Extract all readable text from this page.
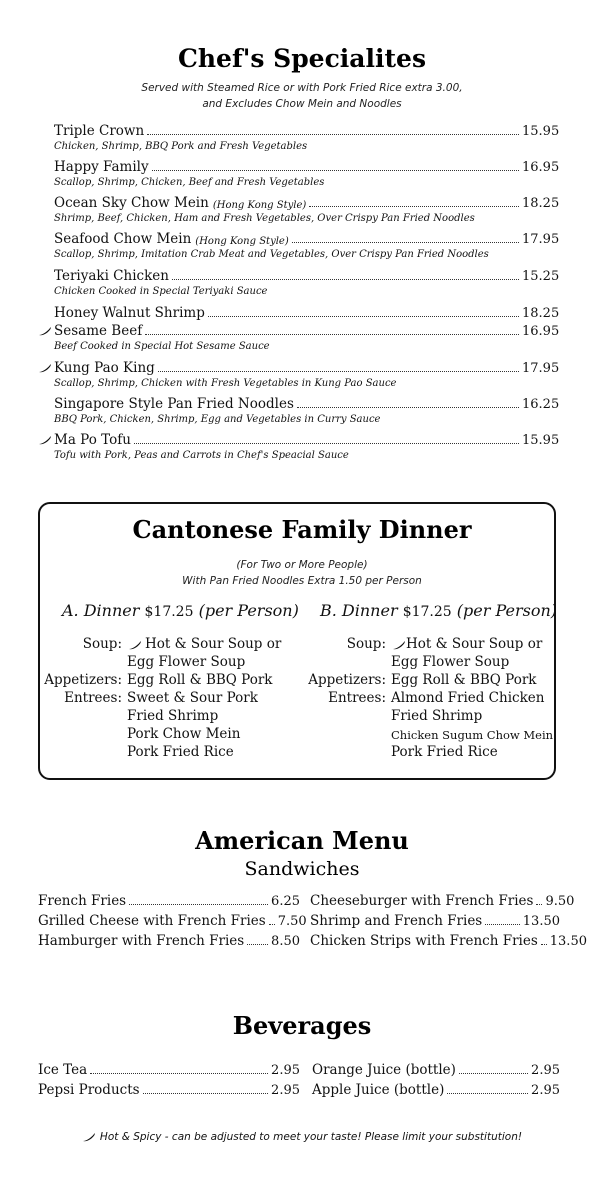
Chef's Specialites
Served with Steamed Rice or with Pork Fried Rice extra 3.00,
and Excludes Chow Mein and Noodles
Triple Crown	15.95
Chicken, Shrimp, BBQ Pork and Fresh Vegetables
Happy Family	16.95
Scallop, Shrimp, Chicken, Beef and Fresh Vegetables
Ocean Sky Chow Mein (Hong Kong Style)	18.25
Shrimp, Beef, Chicken, Ham and Fresh Vegetables, Over Crispy Pan Fried Noodles
Seafood Chow Mein (Hong Kong Style)	17.95
Scallop, Shrimp, Imitation Crab Meat and Vegetables, Over Crispy Pan Fried Noodles
Teriyaki Chicken	15.25
Chicken Cooked in Special Teriyaki Sauce
Honey Walnut Shrimp	18.25
Sesame Beef	16.95
Beef Cooked in Special Hot Sesame Sauce
Kung Pao King	17.95
Scallop, Shrimp, Chicken with Fresh Vegetables in Kung Pao Sauce
Singapore Style Pan Fried Noodles	16.25
BBQ Pork, Chicken, Shrimp, Egg and Vegetables in Curry Sauce
Ma Po Tofu	15.95
Tofu with Pork, Peas and Carrots in Chef's Speacial Sauce
Cantonese Family Dinner
(For Two or More People)
With Pan Fried Noodles Extra 1.50 per Person
A. Dinner $17.25 (per Person)
Soup: Hot & Sour Soup or
Egg Flower Soup
Appetizers: Egg Roll & BBQ Pork
Entrees: Sweet & Sour Pork
Fried Shrimp
Pork Chow Mein
Pork Fried Rice
B. Dinner $17.25 (per Person)
Soup: Hot & Sour Soup or
Egg Flower Soup
Appetizers: Egg Roll & BBQ Pork
Entrees: Almond Fried Chicken
Fried Shrimp
Chicken Sugum Chow Mein
Pork Fried Rice
American Menu
Sandwiches
French Fries	6.25
Grilled Cheese with French Fries 7.50
Hamburger with French Fries 8.50
Cheeseburger with French Fries 9.50
Shrimp and French Fries	13.50
Chicken Strips with French Fries 13.50
Beverages
Ice Tea	2.95
Pepsi Products	2.95
Orange Juice (bottle)	2.95
Apple Juice (bottle)	2.95
Hot & Spicy - can be adjusted to meet your taste! Please limit your substitution!
